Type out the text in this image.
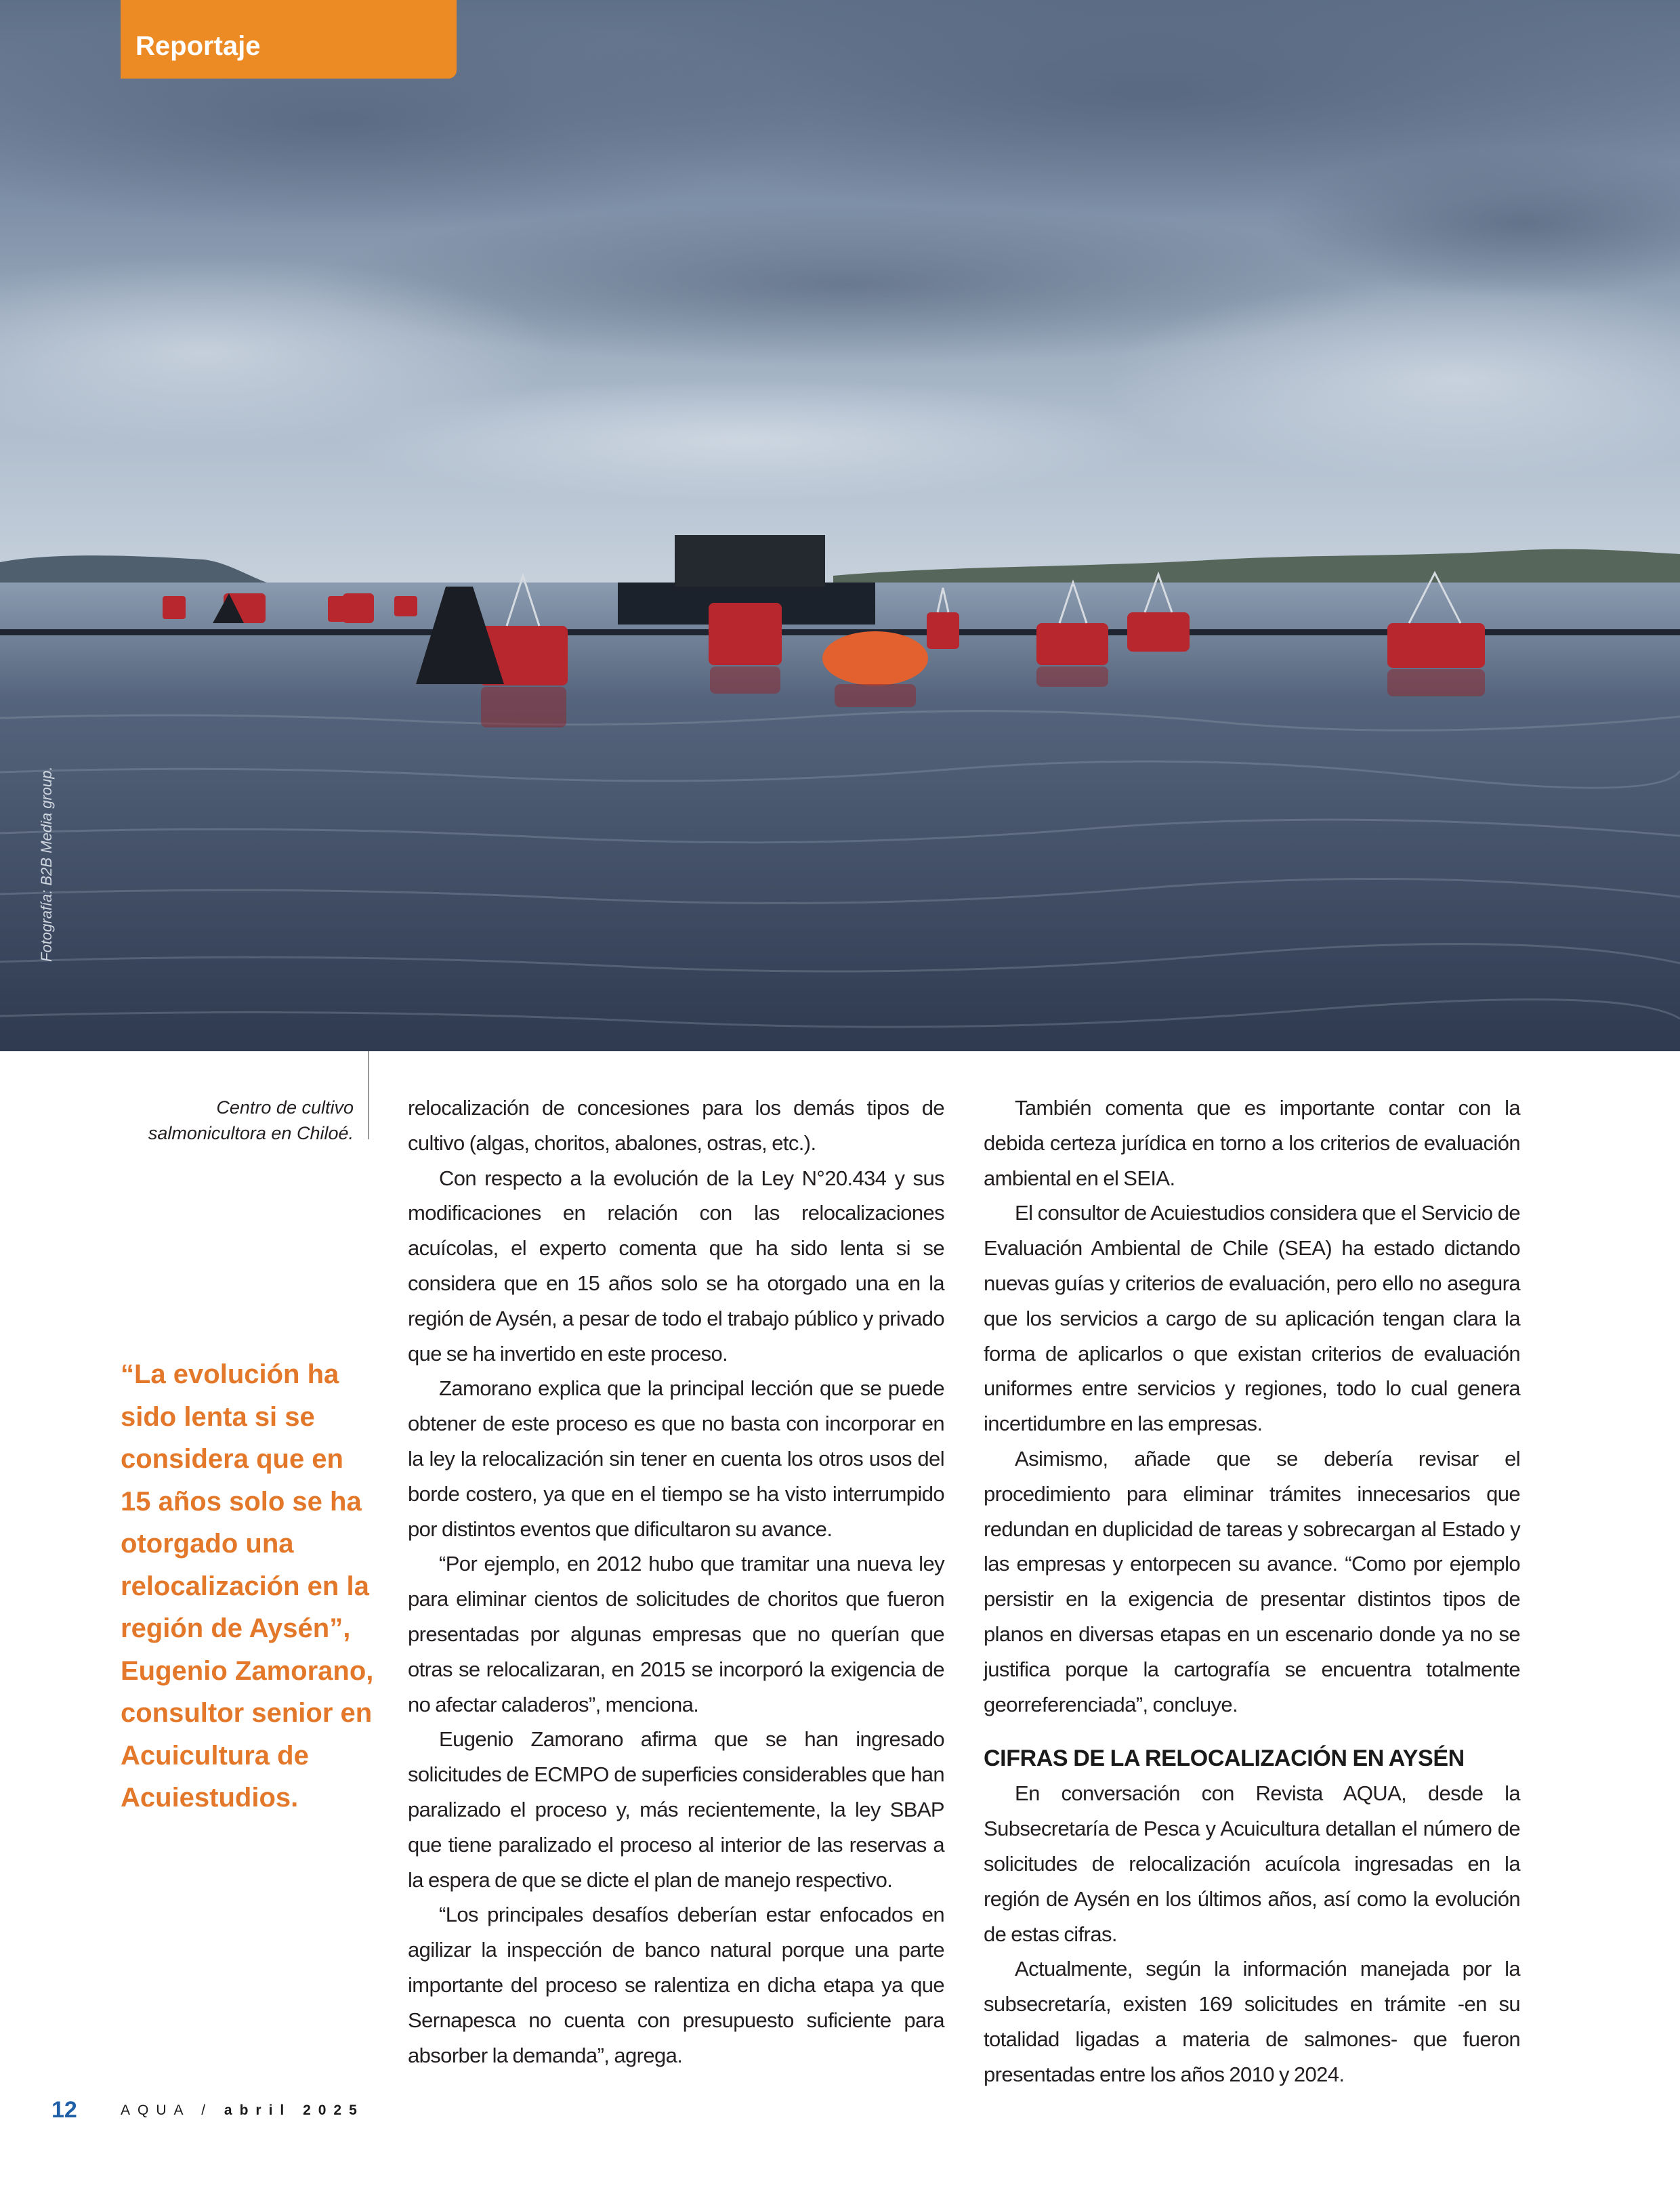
Reportaje
Fotografía: B2B Media group.
Centro de cultivo salmonicultora en Chiloé.
“La evolución ha sido lenta si se considera que en 15 años solo se ha otorgado una relocalización en la región de Aysén”, Eugenio Zamorano, consultor senior en Acuicultura de Acuiestudios.

relocalización de concesiones para los demás tipos de cultivo (algas, choritos, abalones, ostras, etc.).

Con respecto a la evolución de la Ley N°20.434 y sus modificaciones en relación con las relocalizaciones acuícolas, el experto comenta que ha sido lenta si se considera que en 15 años solo se ha otorgado una en la región de Aysén, a pesar de todo el trabajo público y privado que se ha invertido en este proceso.

Zamorano explica que la principal lección que se puede obtener de este proceso es que no basta con incorporar en la ley la relocalización sin tener en cuenta los otros usos del borde costero, ya que en el tiempo se ha visto interrumpido por distintos eventos que dificultaron su avance.

“Por ejemplo, en 2012 hubo que tramitar una nueva ley para eliminar cientos de solicitudes de choritos que fueron presentadas por algunas empresas que no querían que otras se relocalizaran, en 2015 se incorporó la exigencia de no afectar caladeros”, menciona.

Eugenio Zamorano afirma que se han ingresado solicitudes de ECMPO de superficies considerables que han paralizado el proceso y, más recientemente, la ley SBAP que tiene paralizado el proceso al interior de las reservas a la espera de que se dicte el plan de manejo respectivo.

“Los principales desafíos deberían estar enfocados en agilizar la inspección de banco natural porque una parte importante del proceso se ralentiza en dicha etapa ya que Sernapesca no cuenta con presupuesto suficiente para absorber la demanda”, agrega.

También comenta que es importante contar con la debida certeza jurídica en torno a los criterios de evaluación ambiental en el SEIA.

El consultor de Acuiestudios considera que el Servicio de Evaluación Ambiental de Chile (SEA) ha estado dictando nuevas guías y criterios de evaluación, pero ello no asegura que los servicios a cargo de su aplicación tengan clara la forma de aplicarlos o que existan criterios de evaluación uniformes entre servicios y regiones, todo lo cual genera incertidumbre en las empresas.

Asimismo, añade que se debería revisar el procedimiento para eliminar trámites innecesarios que redundan en duplicidad de tareas y sobrecargan al Estado y las empresas y entorpecen su avance. “Como por ejemplo persistir en la exigencia de presentar distintos tipos de planos en diversas etapas en un escenario donde ya no se justifica porque la cartografía se encuentra totalmente georreferenciada”, concluye.

CIFRAS DE LA RELOCALIZACIÓN EN AYSÉN

En conversación con Revista AQUA, desde la Subsecretaría de Pesca y Acuicultura detallan el número de solicitudes de relocalización acuícola ingresadas en la región de Aysén en los últimos años, así como la evolución de estas cifras.

Actualmente, según la información manejada por la subsecretaría, existen 169 solicitudes en trámite -en su totalidad ligadas a materia de salmones- que fueron presentadas entre los años 2010 y 2024.

12	AQUA / abril 2025
